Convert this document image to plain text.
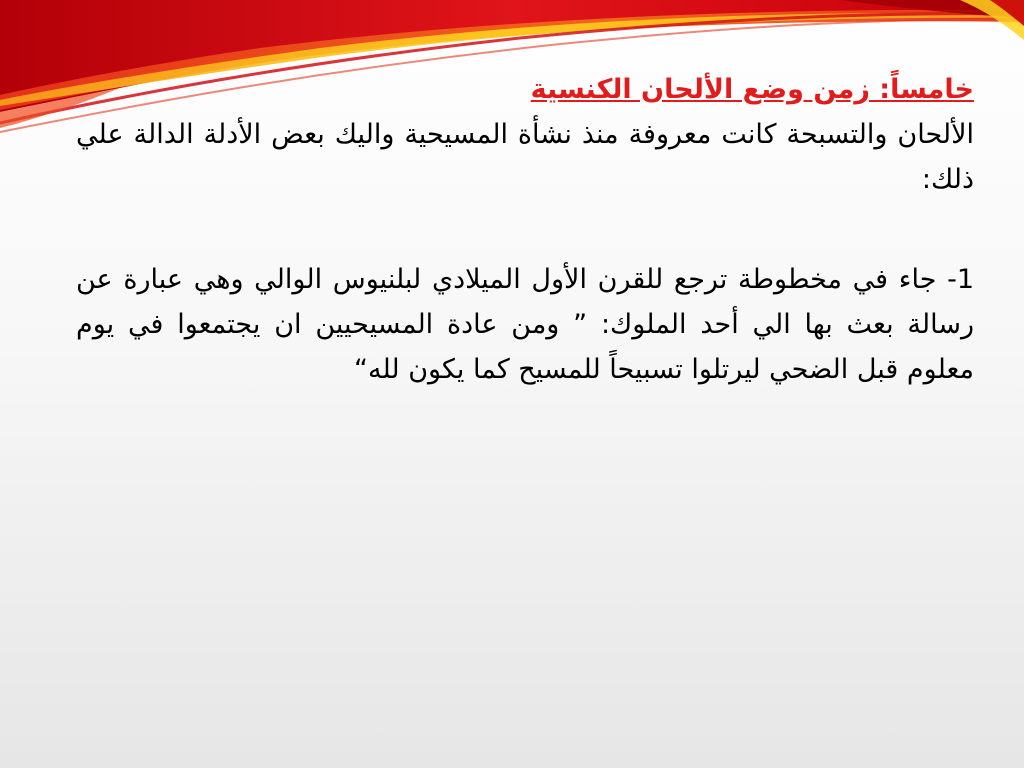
خامساً: زمن وضع الألحان الكنسية

الألحان والتسبحة كانت معروفة منذ نشأة المسيحية واليك بعض الأدلة الدالة علي ذلك:

1- جاء في مخطوطة ترجع للقرن الأول الميلادي لبلنيوس الوالي وهي عبارة عن رسالة بعث بها الي أحد الملوك: ” ومن عادة المسيحيين ان يجتمعوا في يوم معلوم قبل الضحي ليرتلوا تسبيحاً للمسيح كما يكون لله“
